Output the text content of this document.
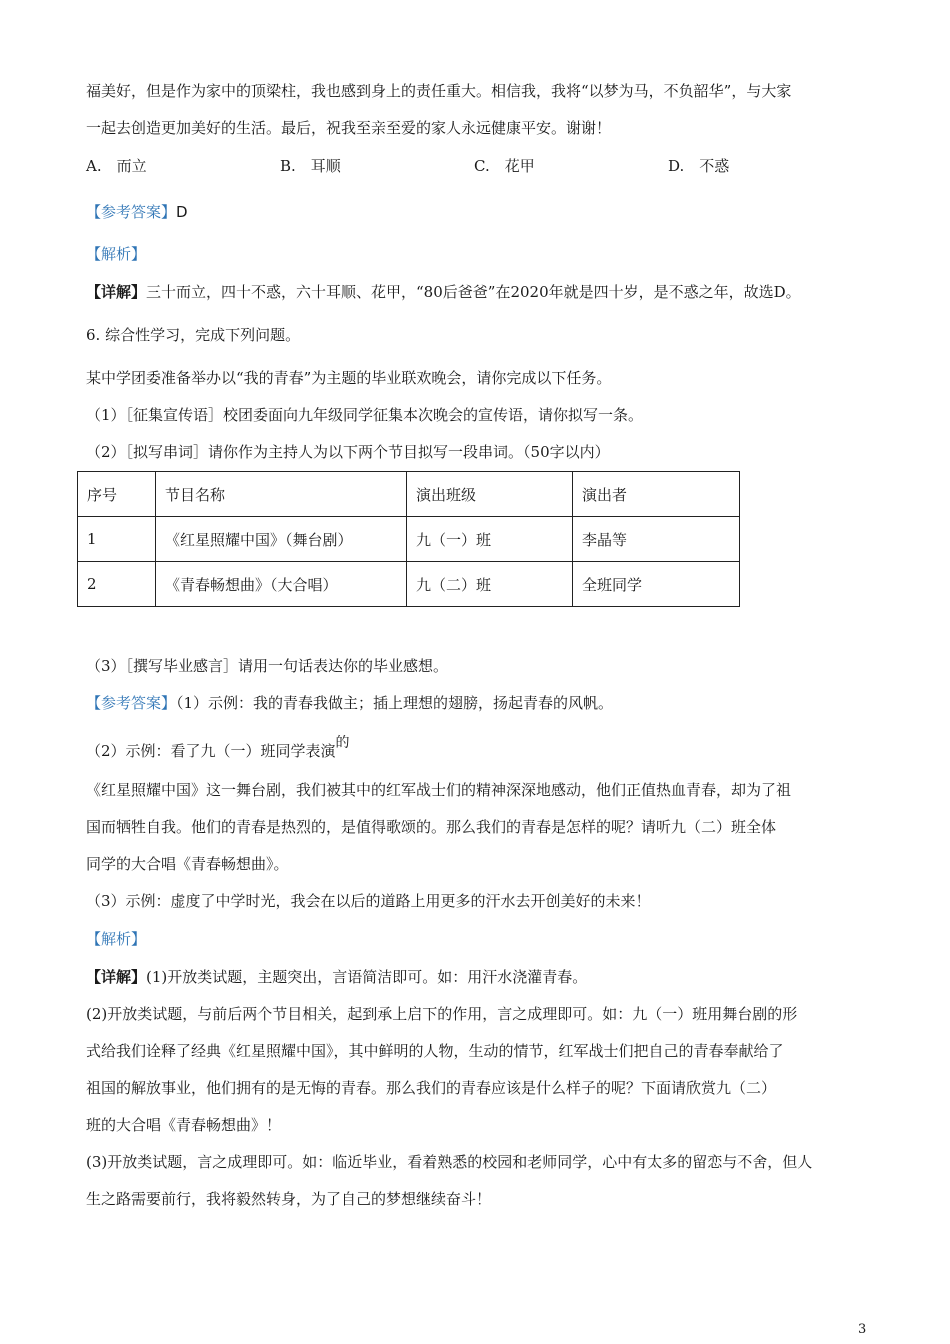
福美好，但是作为家中的顶梁柱，我也感到身上的责任重大。相信我，我将“以梦为马，不负韶华”，与大家
一起去创造更加美好的生活。最后，祝我至亲至爱的家人永远健康平安。谢谢！
A.　而立	B.　耳顺	C.　花甲	D.　不惑
【参考答案】D
【解析】
【详解】三十而立，四十不惑，六十耳顺、花甲，“80后爸爸”在2020年就是四十岁，是不惑之年，故选D。
6. 综合性学习，完成下列问题。
某中学团委准备举办以“我的青春”为主题的毕业联欢晚会，请你完成以下任务。
（1）［征集宣传语］校团委面向九年级同学征集本次晚会的宣传语，请你拟写一条。
（2）［拟写串词］请你作为主持人为以下两个节目拟写一段串词。（50字以内）
序号	节目名称	演出班级	演出者
1	《红星照耀中国》（舞台剧）	九（一）班	李晶等
2	《青春畅想曲》（大合唱）	九（二）班	全班同学
（3）［撰写毕业感言］请用一句话表达你的毕业感想。
【参考答案】（1）示例：我的青春我做主；插上理想的翅膀，扬起青春的风帆。
（2）示例：看了九（一）班同学表演的
《红星照耀中国》这一舞台剧，我们被其中的红军战士们的精神深深地感动，他们正值热血青春，却为了祖
国而牺牲自我。他们的青春是热烈的，是值得歌颂的。那么我们的青春是怎样的呢？请听九（二）班全体
同学的大合唱《青春畅想曲》。
（3）示例：虚度了中学时光，我会在以后的道路上用更多的汗水去开创美好的未来！
【解析】
【详解】(1)开放类试题，主题突出，言语简洁即可。如：用汗水浇灌青春。
(2)开放类试题，与前后两个节目相关，起到承上启下的作用，言之成理即可。如：九（一）班用舞台剧的形
式给我们诠释了经典《红星照耀中国》，其中鲜明的人物，生动的情节，红军战士们把自己的青春奉献给了
祖国的解放事业，他们拥有的是无悔的青春。那么我们的青春应该是什么样子的呢？下面请欣赏九（二）
班的大合唱《青春畅想曲》！
(3)开放类试题，言之成理即可。如：临近毕业，看着熟悉的校园和老师同学，心中有太多的留恋与不舍，但人
生之路需要前行，我将毅然转身，为了自己的梦想继续奋斗！
3
